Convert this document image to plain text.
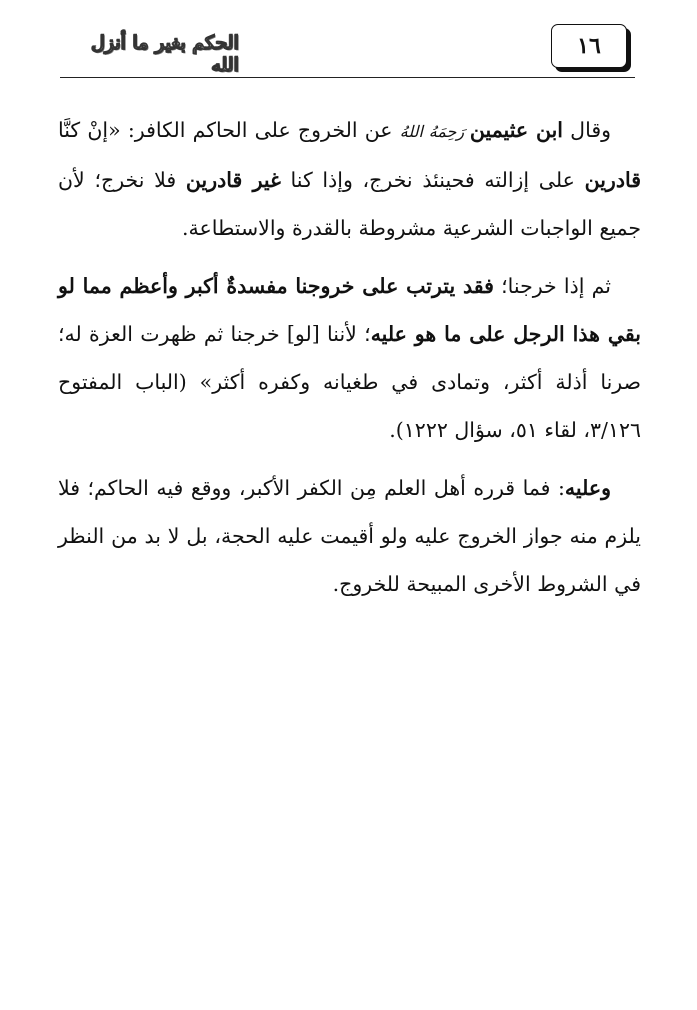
الحكم بغير ما أنزل الله
١٦

وقال ابن عثيمين رَحِمَهُ اللهُ عن الخروج على الحاكم الكافر: «إنْ كنَّا قادرين على إزالته فحينئذ نخرج، وإذا كنا غير قادرين فلا نخرج؛ لأن جميع الواجبات الشرعية مشروطة بالقدرة والاستطاعة.

ثم إذا خرجنا؛ فقد يترتب على خروجنا مفسدةٌ أكبر وأعظم مما لو بقي هذا الرجل على ما هو عليه؛ لأننا [لو] خرجنا ثم ظهرت العزة له؛ صرنا أذلة أكثر، وتمادى في طغيانه وكفره أكثر» (الباب المفتوح ٣/١٢٦، لقاء ٥١، سؤال ١٢٢٢).

وعليه: فما قرره أهل العلم مِن الكفر الأكبر، ووقع فيه الحاكم؛ فلا يلزم منه جواز الخروج عليه ولو أقيمت عليه الحجة، بل لا بد من النظر في الشروط الأخرى المبيحة للخروج.
